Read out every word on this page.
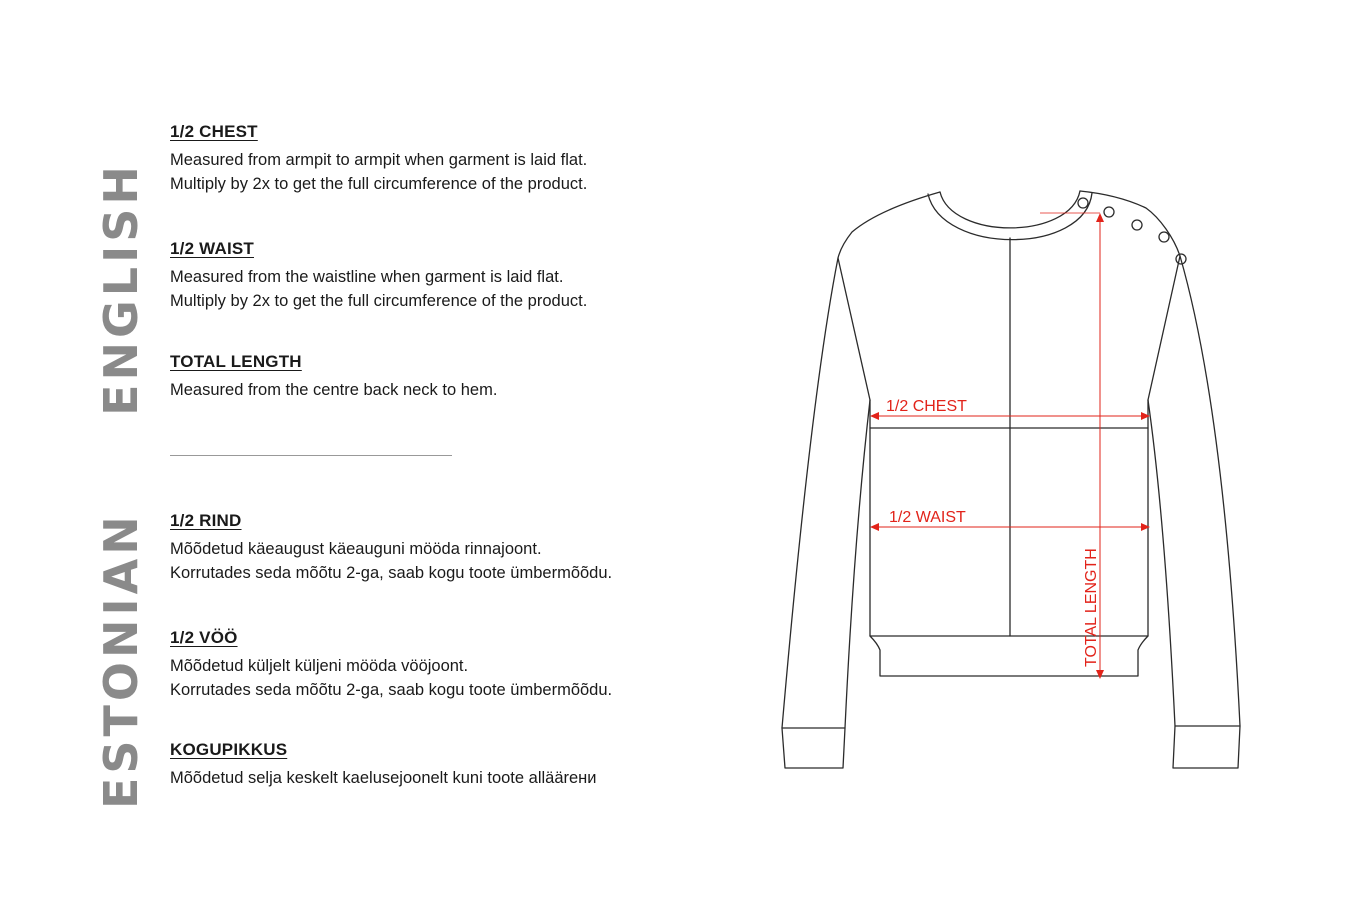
ENGLISH
ESTONIAN
1/2 CHEST

Measured from armpit to armpit when garment is laid flat.
Multiply by 2x to get the full circumference of the product.

1/2 WAIST

Measured from the waistline when garment is laid flat.
Multiply by 2x to get the full circumference of the product.

TOTAL LENGTH

Measured from the centre back neck to hem.

1/2 RIND

Mõõdetud käeaugust käeauguni mööda rinnajoont.
Korrutades seda mõõtu 2-ga, saab kogu toote ümbermõõdu.

1/2 VÖÖ

Mõõdetud küljelt küljeni mööda vööjoont.
Korrutades seda mõõtu 2-ga, saab kogu toote ümbermõõdu.

KOGUPIKKUS

Mõõdetud selja keskelt kaelusejoonelt kuni toote alläärени

1/2 CHEST
1/2 WAIST
TOTAL LENGTH
